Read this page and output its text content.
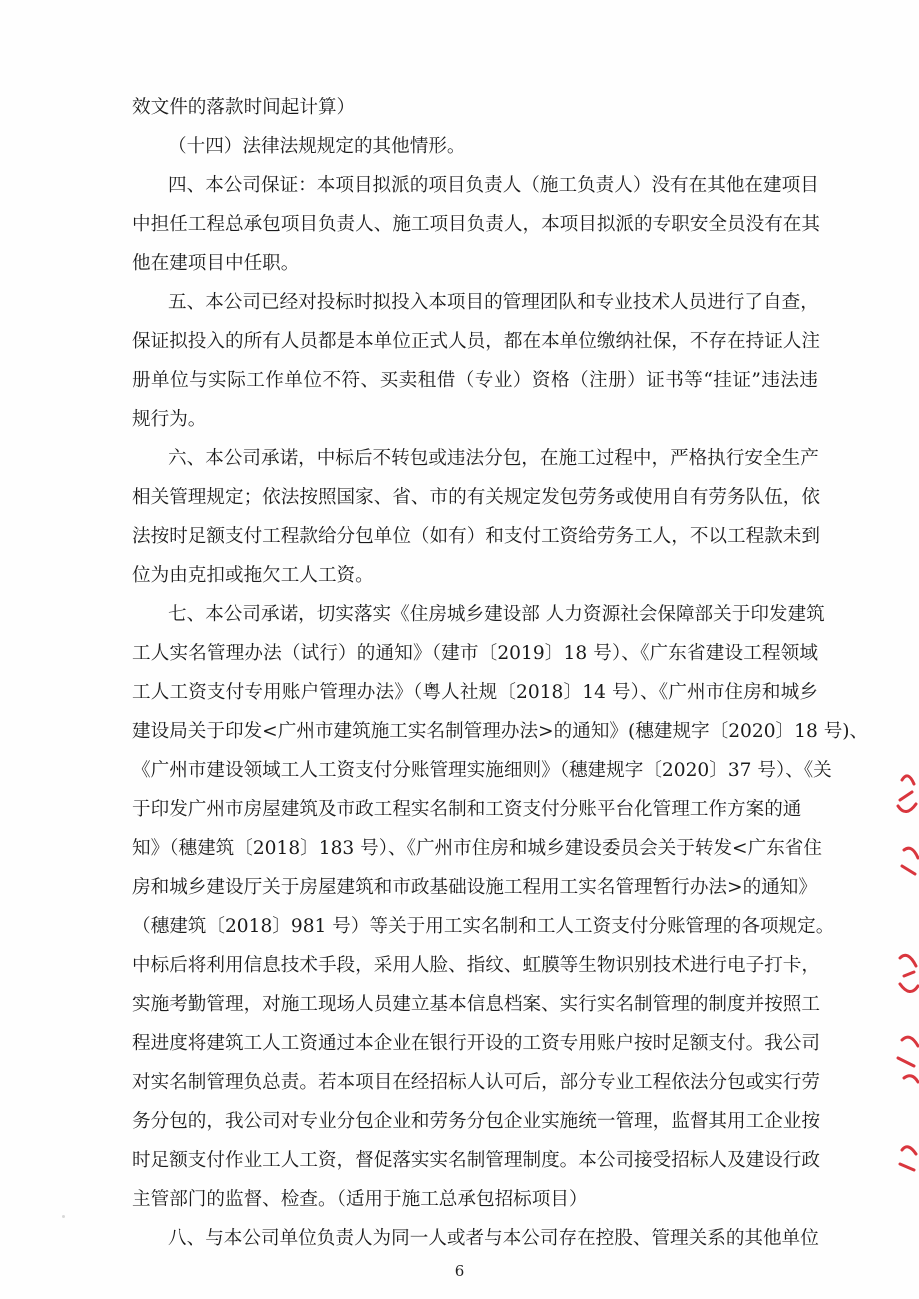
效文件的落款时间起计算）
（十四）法律法规规定的其他情形。
四、本公司保证：本项目拟派的项目负责人（施工负责人）没有在其他在建项目
中担任工程总承包项目负责人、施工项目负责人，本项目拟派的专职安全员没有在其
他在建项目中任职。
五、本公司已经对投标时拟投入本项目的管理团队和专业技术人员进行了自查，
保证拟投入的所有人员都是本单位正式人员，都在本单位缴纳社保，不存在持证人注
册单位与实际工作单位不符、买卖租借（专业）资格（注册）证书等“挂证”违法违
规行为。
六、本公司承诺，中标后不转包或违法分包，在施工过程中，严格执行安全生产
相关管理规定；依法按照国家、省、市的有关规定发包劳务或使用自有劳务队伍，依
法按时足额支付工程款给分包单位（如有）和支付工资给劳务工人，不以工程款未到
位为由克扣或拖欠工人工资。
七、本公司承诺，切实落实《住房城乡建设部 人力资源社会保障部关于印发建筑
工人实名管理办法（试行）的通知》（建市〔2019〕18 号）、《广东省建设工程领域
工人工资支付专用账户管理办法》（粤人社规〔2018〕14 号）、《广州市住房和城乡
建设局关于印发<广州市建筑施工实名制管理办法>的通知》(穗建规字〔2020〕18 号)、
《广州市建设领域工人工资支付分账管理实施细则》（穗建规字〔2020〕37 号）、《关
于印发广州市房屋建筑及市政工程实名制和工资支付分账平台化管理工作方案的通
知》（穗建筑〔2018〕183 号）、《广州市住房和城乡建设委员会关于转发<广东省住
房和城乡建设厅关于房屋建筑和市政基础设施工程用工实名管理暂行办法>的通知》
（穗建筑〔2018〕981 号）等关于用工实名制和工人工资支付分账管理的各项规定。
中标后将利用信息技术手段，采用人脸、指纹、虹膜等生物识别技术进行电子打卡，
实施考勤管理，对施工现场人员建立基本信息档案、实行实名制管理的制度并按照工
程进度将建筑工人工资通过本企业在银行开设的工资专用账户按时足额支付。我公司
对实名制管理负总责。若本项目在经招标人认可后，部分专业工程依法分包或实行劳
务分包的，我公司对专业分包企业和劳务分包企业实施统一管理，监督其用工企业按
时足额支付作业工人工资，督促落实实名制管理制度。本公司接受招标人及建设行政
主管部门的监督、检查。（适用于施工总承包招标项目）
八、与本公司单位负责人为同一人或者与本公司存在控股、管理关系的其他单位
6
